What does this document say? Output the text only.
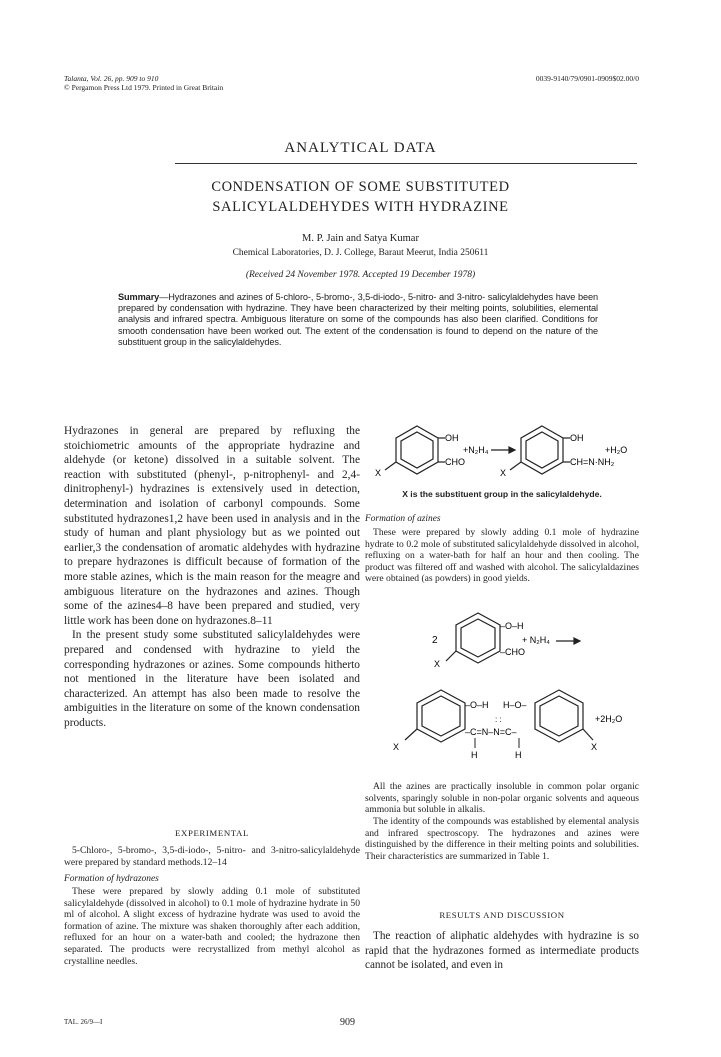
Talanta, Vol. 26, pp. 909 to 910
© Pergamon Press Ltd 1979. Printed in Great Britain
0039-9140/79/0901-0909$02.00/0
ANALYTICAL DATA
CONDENSATION OF SOME SUBSTITUTED
SALICYLALDEHYDES WITH HYDRAZINE
M. P. Jain and Satya Kumar
Chemical Laboratories, D. J. College, Baraut Meerut, India 250611
(Received 24 November 1978. Accepted 19 December 1978)
Summary—Hydrazones and azines of 5-chloro-, 5-bromo-, 3,5-di-iodo-, 5-nitro- and 3-nitro- salicylaldehydes have been prepared by condensation with hydrazine. They have been characterized by their melting points, solubilities, elemental analysis and infrared spectra. Ambiguous literature on some of the compounds has also been clarified. Conditions for smooth condensation have been worked out. The extent of the condensation is found to depend on the nature of the substituent group in the salicylaldehydes.

Hydrazones in general are prepared by refluxing the stoichiometric amounts of the appropriate hydrazine and aldehyde (or ketone) dissolved in a suitable solvent. The reaction with substituted (phenyl-, p-nitrophenyl- and 2,4-dinitrophenyl-) hydrazines is extensively used in detection, determination and isolation of carbonyl compounds. Some substituted hydrazones1,2 have been used in analysis and in the study of human and plant physiology but as we pointed out earlier,3 the condensation of aromatic aldehydes with hydrazine to prepare hydrazones is difficult because of formation of the more stable azines, which is the main reason for the meagre and ambiguous literature on the hydrazones and azines. Though some of the azines4–8 have been prepared and studied, very little work has been done on hydrazones.8–11

In the present study some substituted salicylaldehydes were prepared and condensed with hydrazine to yield the corresponding hydrazones or azines. Some compounds hitherto not mentioned in the literature have been isolated and characterized. An attempt has also been made to resolve the ambiguities in the literature on some of the known condensation products.

EXPERIMENTAL
5-Chloro-, 5-bromo-, 3,5-di-iodo-, 5-nitro- and 3-nitro-salicylaldehyde were prepared by standard methods.12–14
Formation of hydrazones
These were prepared by slowly adding 0.1 mole of substituted salicylaldehyde (dissolved in alcohol) to 0.1 mole of hydrazine hydrate in 50 ml of alcohol. A slight excess of hydrazine hydrate was used to avoid the formation of azine. The mixture was shaken thoroughly after each addition, refluxed for an hour on a water-bath and cooled; the hydrazone then separated. The products were recrystallized from methyl alcohol as crystalline needles.
OH
CHO
X
+N₂H₄
OH
CH=N·NH₂
X
+H₂O
X is the substituent group in the salicylaldehyde.
Formation of azines
These were prepared by slowly adding 0.1 mole of hydrazine hydrate to 0.2 mole of substituted salicylaldehyde dissolved in alcohol, refluxing on a water-bath for half an hour and then cooling. The product was filtered off and washed with alcohol. The salicylaldazines were obtained (as powders) in good yields.
2
–O–H
–CHO
X
+ N₂H₄
–O–H H–O–
–C=N–N=C–
: :
H	H
X	X
+2H₂O
All the azines are practically insoluble in common polar organic solvents, sparingly soluble in non-polar organic solvents and aqueous ammonia but soluble in alkalis.
The identity of the compounds was established by elemental analysis and infrared spectroscopy. The hydrazones and azines were distinguished by the difference in their melting points and solubilities. Their characteristics are summarized in Table 1.
RESULTS AND DISCUSSION
The reaction of aliphatic aldehydes with hydrazine is so rapid that the hydrazones formed as intermediate products cannot be isolated, and even in
TAL. 26/9—I	909
